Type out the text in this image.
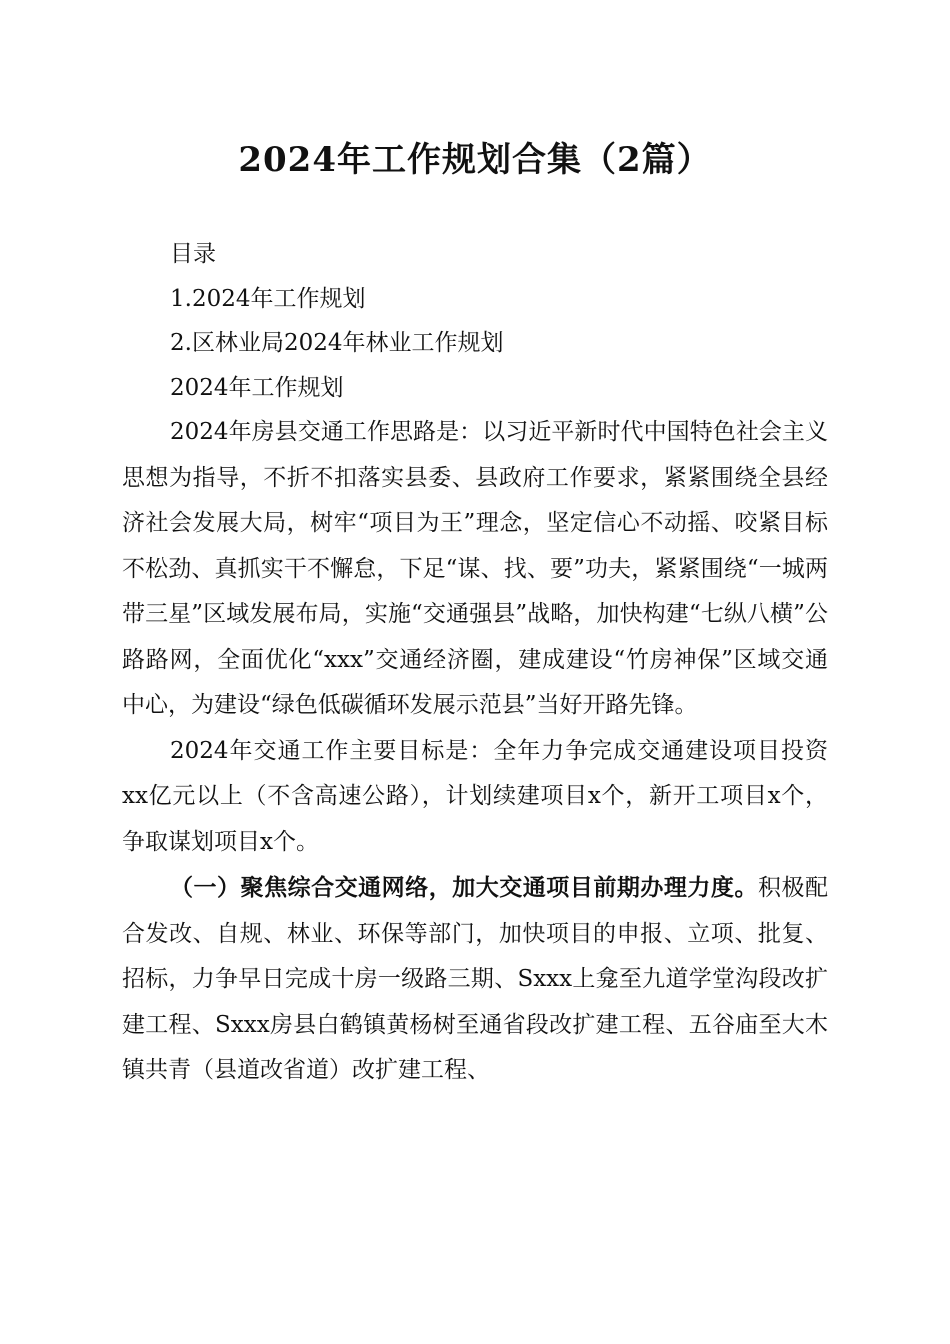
2024年工作规划合集（2篇）

目录

1.2024年工作规划

2.区林业局2024年林业工作规划

2024年工作规划

2024年房县交通工作思路是：以习近平新时代中国特色社会主义思想为指导，不折不扣落实县委、县政府工作要求，紧紧围绕全县经济社会发展大局，树牢“项目为王”理念，坚定信心不动摇、咬紧目标不松劲、真抓实干不懈怠，下足“谋、找、要”功夫，紧紧围绕“一城两带三星”区域发展布局，实施“交通强县”战略，加快构建“七纵八横”公路路网，全面优化“xxx”交通经济圈，建成建设“竹房神保”区域交通中心，为建设“绿色低碳循环发展示范县”当好开路先锋。

2024年交通工作主要目标是：全年力争完成交通建设项目投资xx亿元以上（不含高速公路），计划续建项目x个，新开工项目x个，争取谋划项目x个。

（一）聚焦综合交通网络，加大交通项目前期办理力度。积极配合发改、自规、林业、环保等部门，加快项目的申报、立项、批复、招标，力争早日完成十房一级路三期、Sxxx上龛至九道学堂沟段改扩建工程、Sxxx房县白鹤镇黄杨树至通省段改扩建工程、五谷庙至大木镇共青（县道改省道）改扩建工程、
